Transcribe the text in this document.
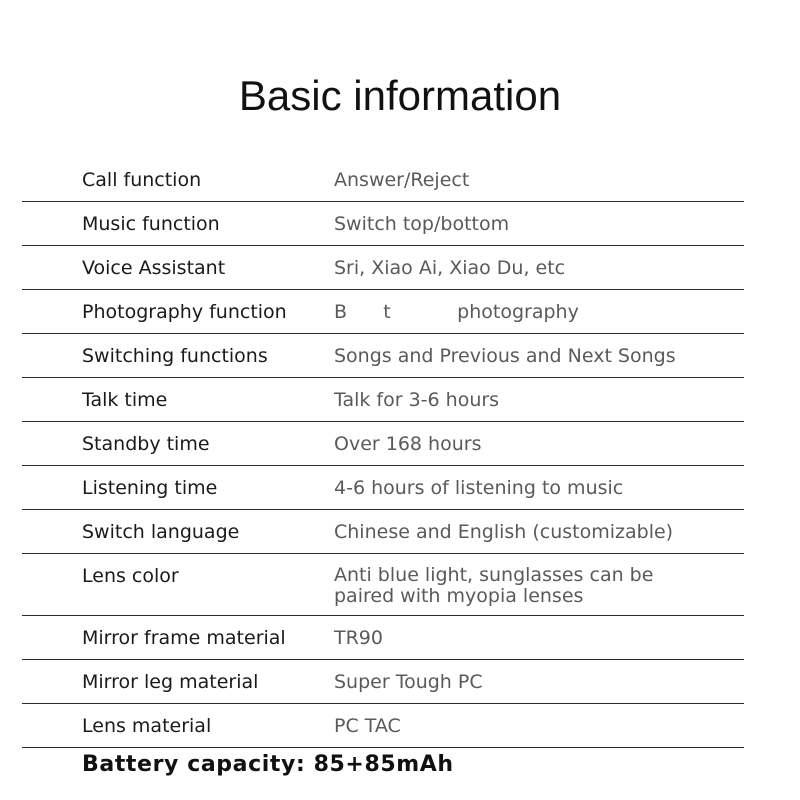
Basic information
Call function	Answer/Reject
Music function	Switch top/bottom
Voice Assistant	Sri, Xiao Ai, Xiao Du, etc
Photography function	B      t           photography
Switching functions	Songs and Previous and Next Songs
Talk time	Talk for 3-6 hours
Standby time	Over 168 hours
Listening time	4-6 hours of listening to music
Switch language	Chinese and English (customizable)
Lens color	Anti blue light, sunglasses can be
paired with myopia lenses

Mirror frame material	TR90
Mirror leg material	Super Tough PC
Lens material	PC TAC
Battery capacity: 85+85mAh
